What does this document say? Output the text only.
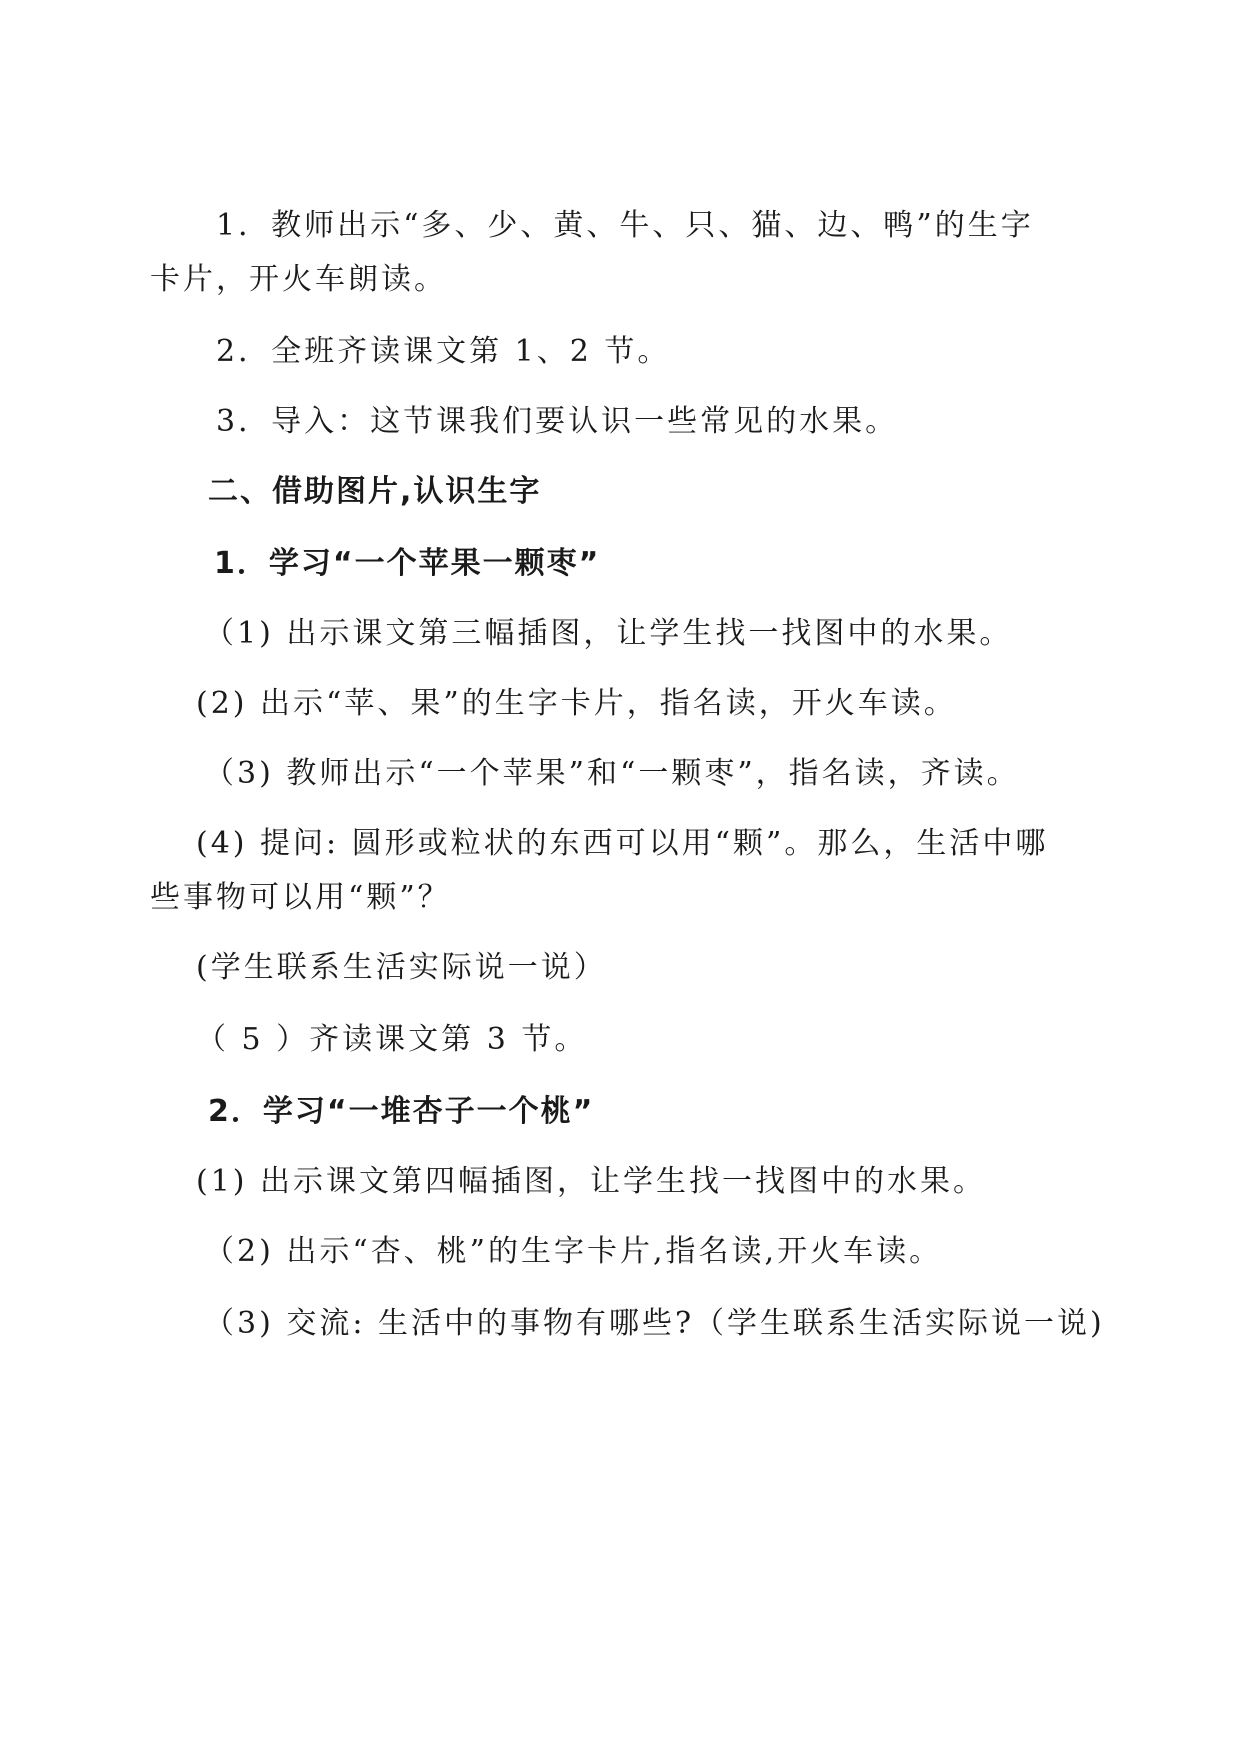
1．教师出示“多、少、黄、牛、只、猫、边、鸭”的生字
卡片，开火车朗读。
2．全班齐读课文第 1、2 节。
3．导入：这节课我们要认识一些常见的水果。
二、借助图片,认识生字
1．学习“一个苹果一颗枣”
（1) 出示课文第三幅插图，让学生找一找图中的水果。
(2) 出示“苹、果”的生字卡片，指名读，开火车读。
（3) 教师出示“一个苹果”和“一颗枣”，指名读，齐读。
(4) 提问: 圆形或粒状的东西可以用“颗”。那么，生活中哪
些事物可以用“颗”？
(学生联系生活实际说一说）
（ 5 ）齐读课文第 3 节。
2．学习“一堆杏子一个桃”
(1) 出示课文第四幅插图，让学生找一找图中的水果。
（2) 出示“杏、桃”的生字卡片,指名读,开火车读。
（3) 交流: 生活中的事物有哪些?（学生联系生活实际说一说)
